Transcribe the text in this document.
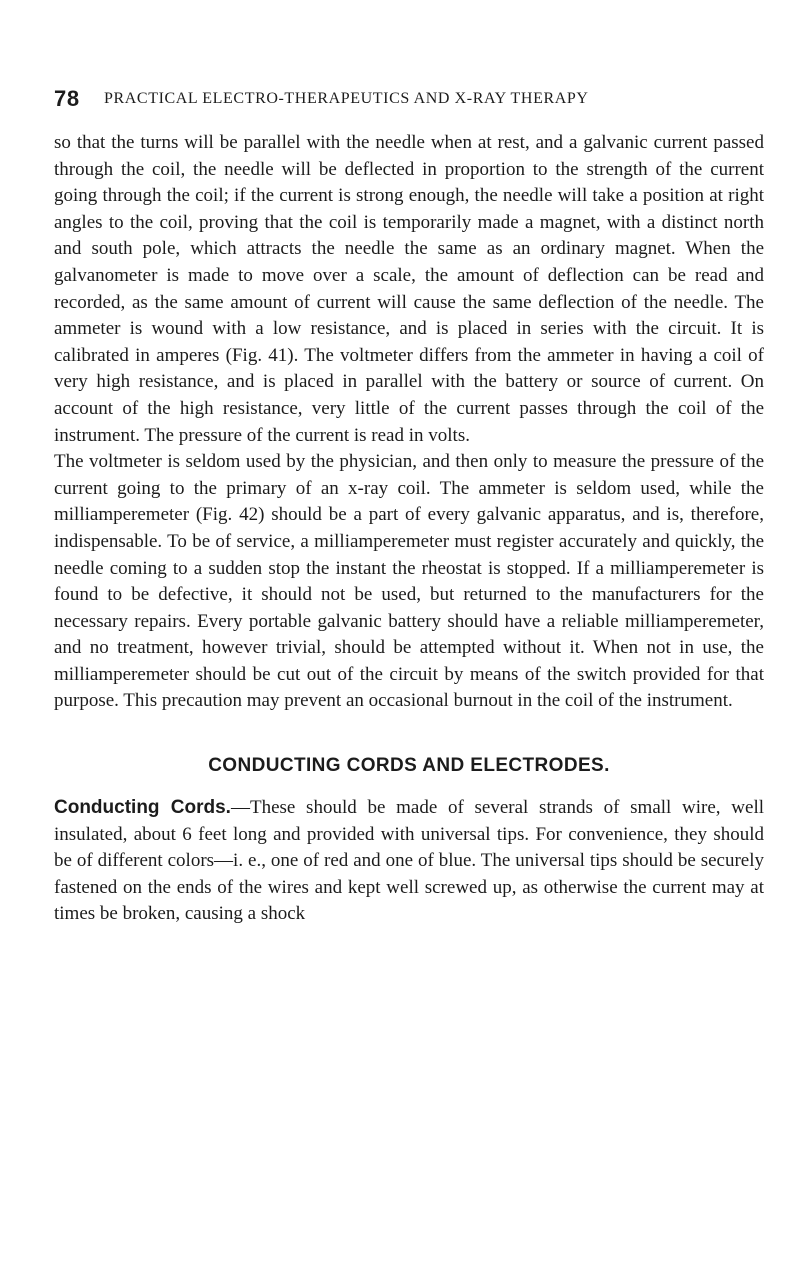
78 PRACTICAL ELECTRO-THERAPEUTICS AND X-RAY THERAPY

so that the turns will be parallel with the needle when at rest, and a galvanic current passed through the coil, the needle will be deflected in proportion to the strength of the current going through the coil; if the current is strong enough, the needle will take a position at right angles to the coil, proving that the coil is temporarily made a magnet, with a distinct north and south pole, which attracts the needle the same as an ordinary magnet. When the galvanometer is made to move over a scale, the amount of deflection can be read and recorded, as the same amount of current will cause the same deflection of the needle. The ammeter is wound with a low resistance, and is placed in series with the circuit. It is calibrated in amperes (Fig. 41). The voltmeter differs from the ammeter in having a coil of very high resistance, and is placed in parallel with the battery or source of current. On account of the high resistance, very little of the current passes through the coil of the instrument. The pressure of the current is read in volts.

The voltmeter is seldom used by the physician, and then only to measure the pressure of the current going to the primary of an x-ray coil. The ammeter is seldom used, while the milliamperemeter (Fig. 42) should be a part of every galvanic apparatus, and is, therefore, indispensable. To be of service, a milliamperemeter must register accurately and quickly, the needle coming to a sudden stop the instant the rheostat is stopped. If a milliamperemeter is found to be defective, it should not be used, but returned to the manufacturers for the necessary repairs. Every portable galvanic battery should have a reliable milliamperemeter, and no treatment, however trivial, should be attempted without it. When not in use, the milliamperemeter should be cut out of the circuit by means of the switch provided for that purpose. This precaution may prevent an occasional burnout in the coil of the instrument.

CONDUCTING CORDS AND ELECTRODES.

Conducting Cords.—These should be made of several strands of small wire, well insulated, about 6 feet long and provided with universal tips. For convenience, they should be of different colors—i. e., one of red and one of blue. The universal tips should be securely fastened on the ends of the wires and kept well screwed up, as otherwise the current may at times be broken, causing a shock
